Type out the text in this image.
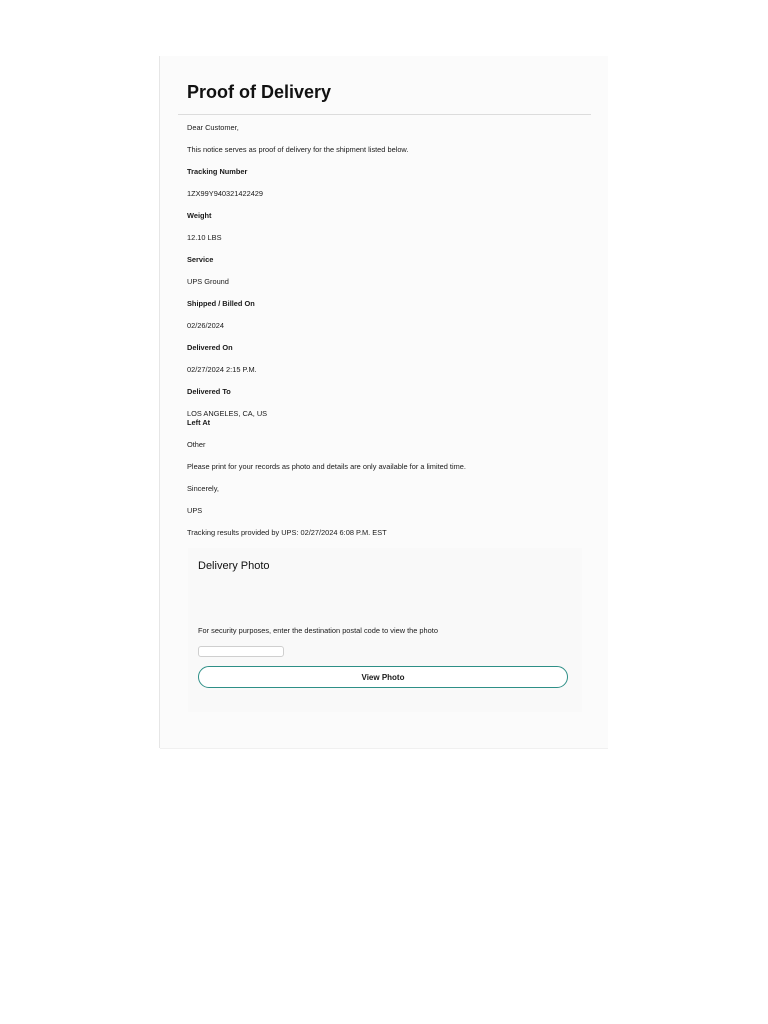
Proof of Delivery
Dear Customer,
This notice serves as proof of delivery for the shipment listed below.
Tracking Number
1ZX99Y940321422429
Weight
12.10 LBS
Service
UPS Ground
Shipped / Billed On
02/26/2024
Delivered On
02/27/2024 2:15 P.M.
Delivered To
LOS ANGELES, CA, US
Left At
Other
Please print for your records as photo and details are only available for a limited time.
Sincerely,
UPS
Tracking results provided by UPS: 02/27/2024 6:08 P.M. EST
Delivery Photo
For security purposes, enter the destination postal code to view the photo
View Photo
